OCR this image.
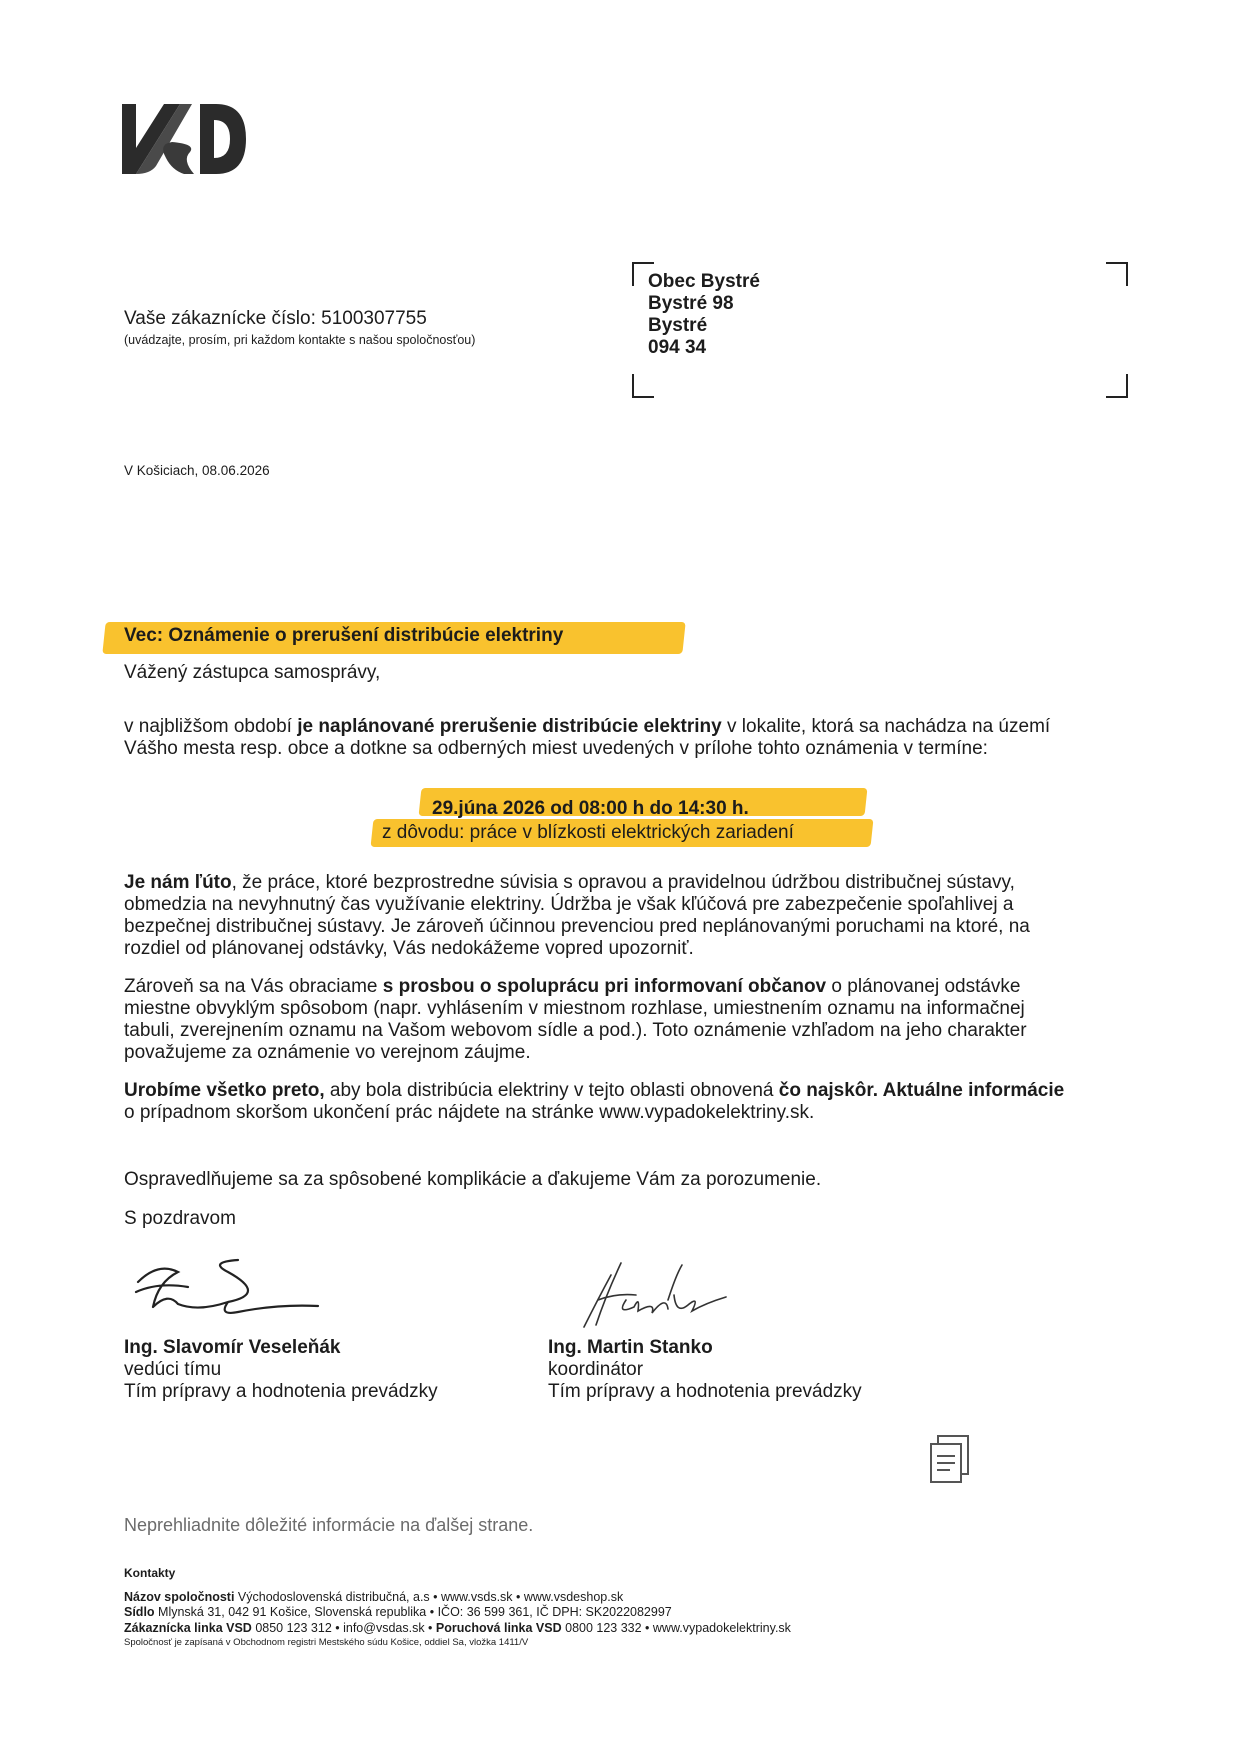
Vaše zákaznícke číslo: 5100307755
(uvádzajte, prosím, pri každom kontakte s našou spoločnosťou)
Obec Bystré
Bystré 98
Bystré
094 34
V Košiciach, 08.06.2026
Vec: Oznámenie o prerušení distribúcie elektriny
Vážený zástupca samosprávy,

v najbližšom období je naplánované prerušenie distribúcie elektriny v lokalite, ktorá sa nachádza na území Vášho mesta resp. obce a dotkne sa odberných miest uvedených v prílohe tohto oznámenia v termíne:

29.júna 2026 od 08:00 h do 14:30 h.
z dôvodu: práce v blízkosti elektrických zariadení

Je nám ľúto, že práce, ktoré bezprostredne súvisia s opravou a pravidelnou údržbou distribučnej sústavy, obmedzia na nevyhnutný čas využívanie elektriny. Údržba je však kľúčová pre zabezpečenie spoľahlivej a bezpečnej distribučnej sústavy. Je zároveň účinnou prevenciou pred neplánovanými poruchami na ktoré, na rozdiel od plánovanej odstávky, Vás nedokážeme vopred upozorniť.

Zároveň sa na Vás obraciame s prosbou o spoluprácu pri informovaní občanov o plánovanej odstávke miestne obvyklým spôsobom (napr. vyhlásením v miestnom rozhlase, umiestnením oznamu na informačnej tabuli, zverejnením oznamu na Vašom webovom sídle a pod.). Toto oznámenie vzhľadom na jeho charakter považujeme za oznámenie vo verejnom záujme.

Urobíme všetko preto, aby bola distribúcia elektriny v tejto oblasti obnovená čo najskôr. Aktuálne informácie o prípadnom skoršom ukončení prác nájdete na stránke www.vypadokelektriny.sk.

Ospravedlňujeme sa za spôsobené komplikácie a ďakujeme Vám za porozumenie.

S pozdravom
Ing. Slavomír Veseleňák
vedúci tímu
Tím prípravy a hodnotenia prevádzky
Ing. Martin Stanko
koordinátor
Tím prípravy a hodnotenia prevádzky
Neprehliadnite dôležité informácie na ďalšej strane.
Kontakty
Názov spoločnosti Východoslovenská distribučná, a.s • www.vsds.sk • www.vsdeshop.sk
Sídlo Mlynská 31, 042 91 Košice, Slovenská republika • IČO: 36 599 361, IČ DPH: SK2022082997
Zákaznícka linka VSD 0850 123 312 • info@vsdas.sk • Poruchová linka VSD 0800 123 332 • www.vypadokelektriny.sk
Spoločnosť je zapísaná v Obchodnom registri Mestského súdu Košice, oddiel Sa, vložka 1411/V
